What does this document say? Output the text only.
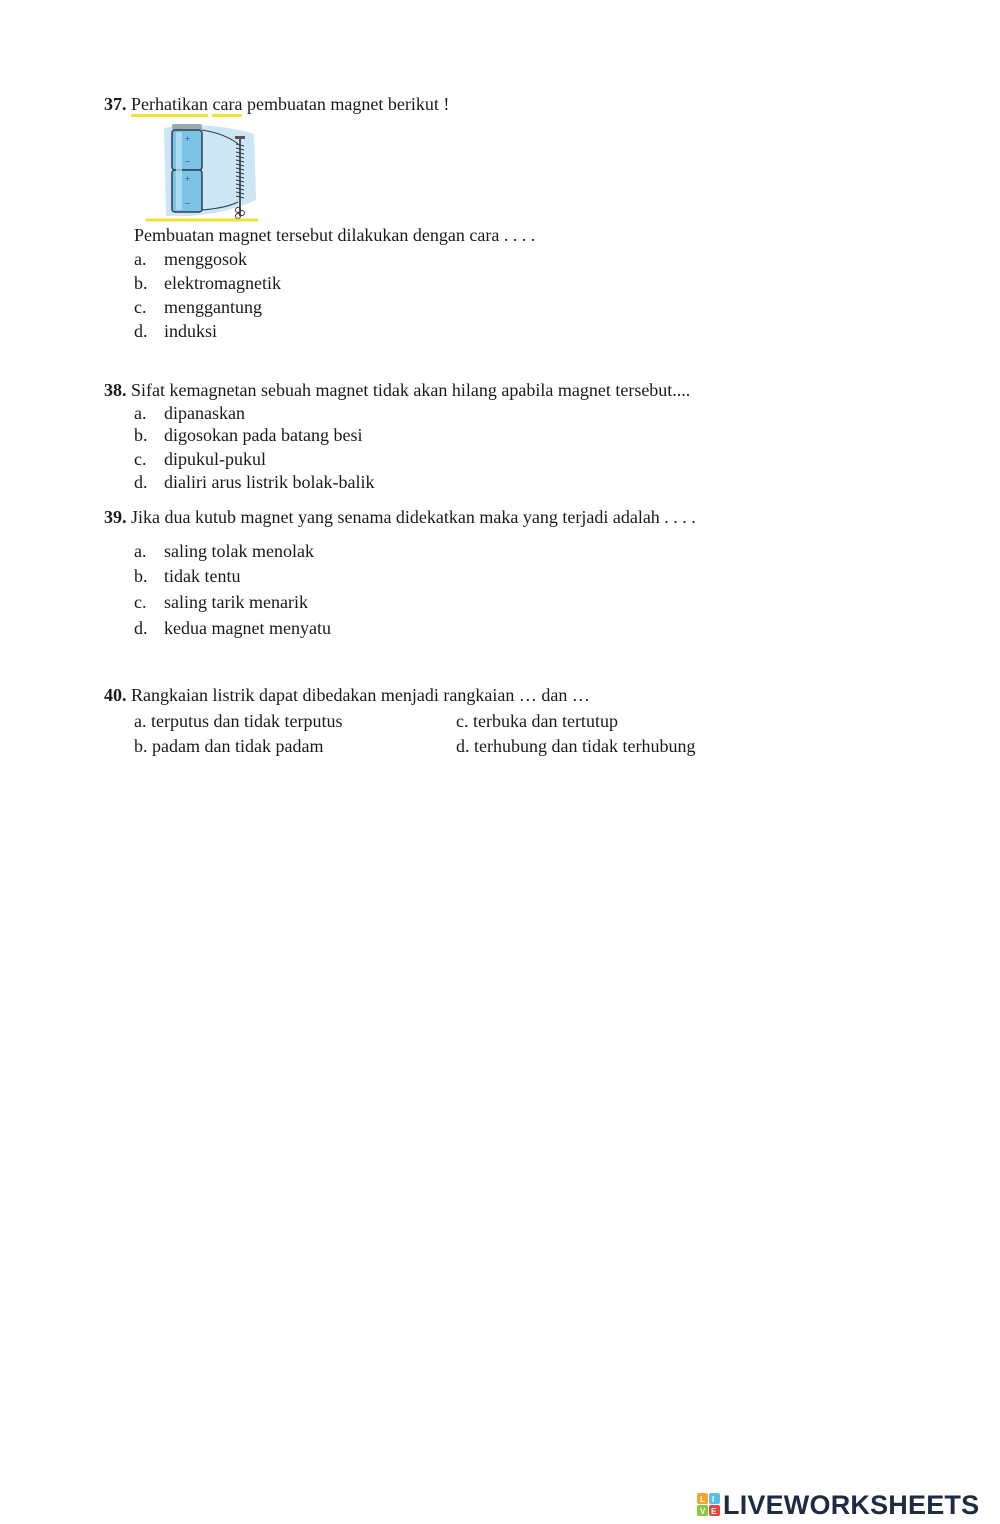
37. Perhatikan cara pembuatan magnet berikut !
+
–
+
–
Pembuatan magnet tersebut dilakukan dengan cara . . . .
a. menggosok
b. elektromagnetik
c. menggantung
d. induksi
38. Sifat kemagnetan sebuah magnet tidak akan hilang apabila magnet tersebut....
a. dipanaskan
b. digosokan pada batang besi
c. dipukul-pukul
d. dialiri arus listrik bolak-balik
39. Jika dua kutub magnet yang senama didekatkan maka yang terjadi adalah . . . .
a. saling tolak menolak
b. tidak tentu
c. saling tarik menarik
d. kedua magnet menyatu
40. Rangkaian listrik dapat dibedakan menjadi rangkaian … dan …
a. terputus dan tidak terputus	c. terbuka dan tertutup
b. padam dan tidak padam	d. terhubung dan tidak terhubung
L I
V E LIVEWORKSHEETS
